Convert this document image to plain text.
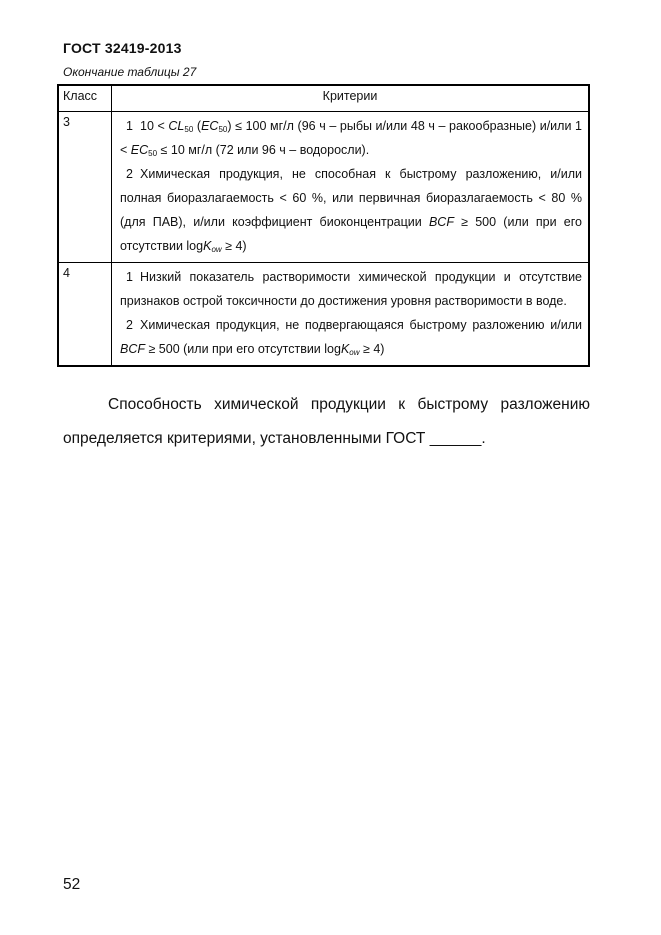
ГОСТ 32419-2013
Окончание таблицы 27
Класс	Критерии
3	1 $10 < CL_{50}$ $(EC_{50}) \le 100$ мг/л (96 ч – рыбы и/или 48 ч – ракообразные) и/или $1 < EC_{50} \le 10$ мг/л (72 или 96 ч – водоросли).
2 Химическая продукция, не способная к быстрому разложению, и/или полная биоразлагаемость < 60 %, или первичная биоразлагаемость < 80 % (для ПАВ), и/или коэффициент биоконцентрации BCF ≥ 500 (или при его отсутствии logK$_{ow}$ ≥ 4)

4	1 Низкий показатель растворимости химической продукции и отсутствие признаков острой токсичности до достижения уровня растворимости в воде.
2 Химическая продукция, не подвергающаяся быстрому разложению и/или BCF ≥ 500 (или при его отсутствии logK$_{ow}$ ≥ 4)
Способность химической продукции к быстрому разложению определяется критериями, установленными ГОСТ ______.
52
